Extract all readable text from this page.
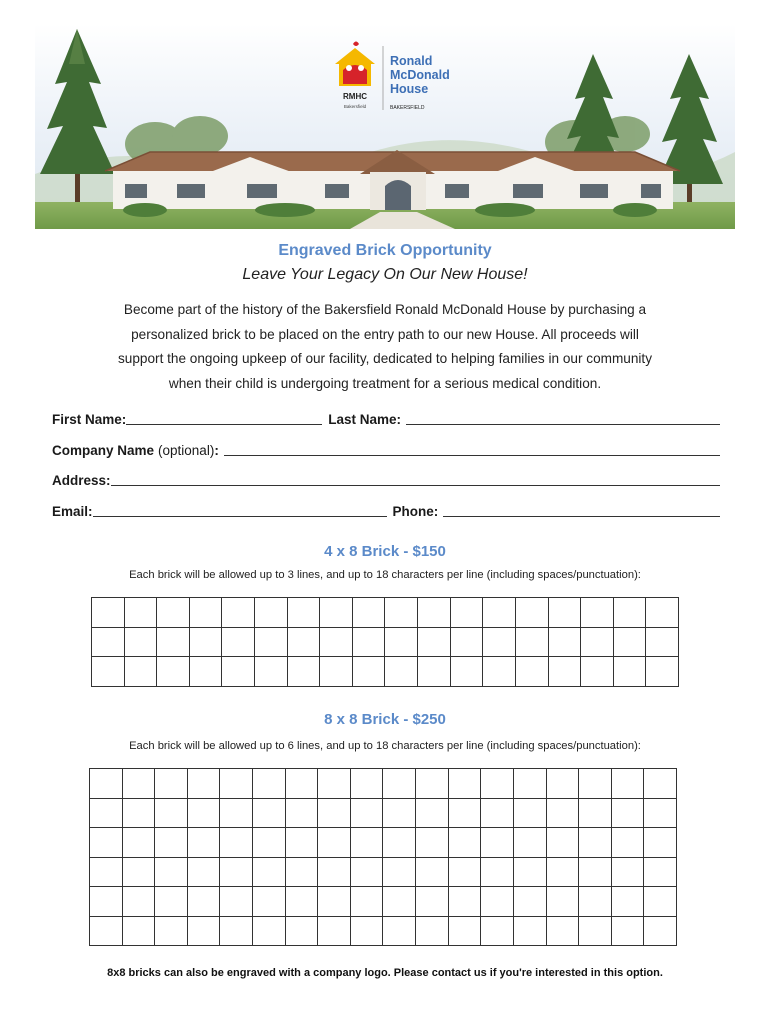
RMHC
Bakersfield
Ronald
McDonald
House
BAKERSFIELD
Engraved Brick Opportunity
Leave Your Legacy On Our New House!
Become part of the history of the Bakersfield Ronald McDonald House by purchasing a
personalized brick to be placed on the entry path to our new House. All proceeds will
support the ongoing upkeep of our facility, dedicated to helping families in our community
when their child is undergoing treatment for a serious medical condition.
First Name:	Last Name:
Company Name (optional) :
Address:
Email:	Phone:
4 x 8 Brick - $150
Each brick will be allowed up to 3 lines, and up to 18 characters per line (including spaces/punctuation):

8 x 8 Brick - $250
Each brick will be allowed up to 6 lines, and up to 18 characters per line (including spaces/punctuation):

8x8 bricks can also be engraved with a company logo. Please contact us if you're interested in this option.
